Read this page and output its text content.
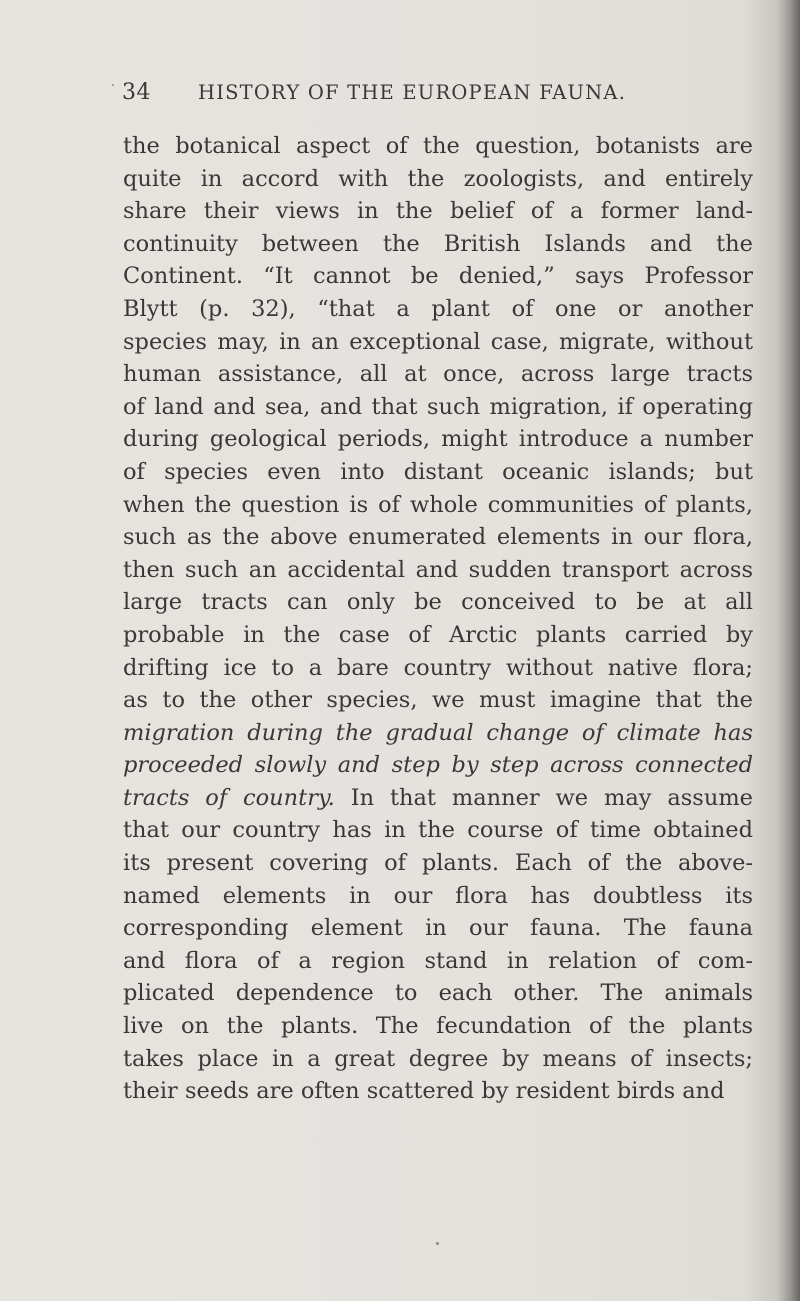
34 HISTORY OF THE EUROPEAN FAUNA.
the botanical aspect of the question, botanists are
quite in accord with the zoologists, and entirely
share their views in the belief of a former land-
continuity between the British Islands and the
Continent. “It cannot be denied,” says Professor
Blytt (p. 32), “that a plant of one or another
species may, in an exceptional case, migrate, without
human assistance, all at once, across large tracts
of land and sea, and that such migration, if operating
during geological periods, might introduce a number
of species even into distant oceanic islands; but
when the question is of whole communities of plants,
such as the above enumerated elements in our flora,
then such an accidental and sudden transport across
large tracts can only be conceived to be at all
probable in the case of Arctic plants carried by
drifting ice to a bare country without native flora;
as to the other species, we must imagine that the
migration during the gradual change of climate has
proceeded slowly and step by step across connected
tracts of country. In that manner we may assume
that our country has in the course of time obtained
its present covering of plants. Each of the above-
named elements in our flora has doubtless its
corresponding element in our fauna. The fauna
and flora of a region stand in relation of com-
plicated dependence to each other. The animals
live on the plants. The fecundation of the plants
takes place in a great degree by means of insects;
their seeds are often scattered by resident birds and
